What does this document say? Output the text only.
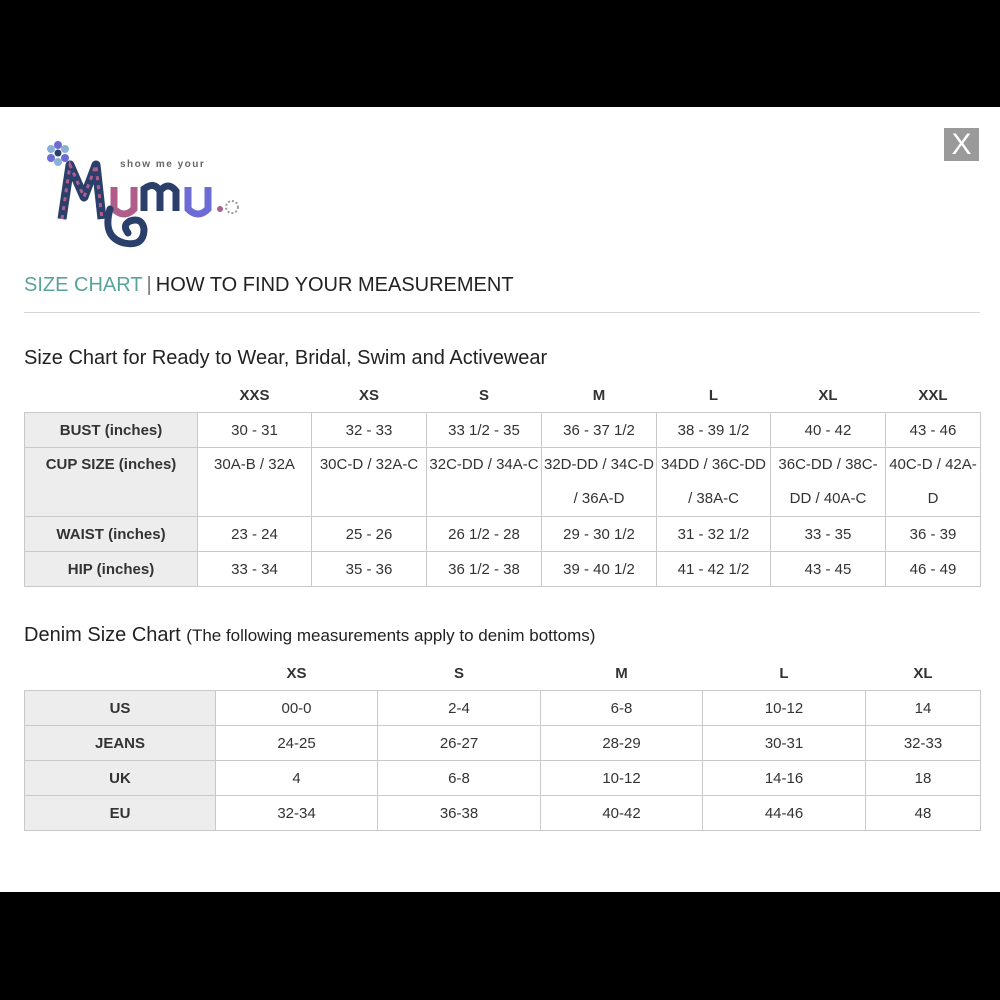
X
show me your
SIZE CHART | HOW TO FIND YOUR MEASUREMENT
Size Chart for Ready to Wear, Bridal, Swim and Activewear
	XXS	XS	S	M	L	XL	XXL
BUST (inches)	30 - 31	32 - 33	33 1/2 - 35	36 - 37 1/2	38 - 39 1/2	40 - 42	43 - 46
CUP SIZE (inches)	30A-B / 32A	30C-D / 32A-C	32C-DD / 34A-C	32D-DD / 34C-D / 36A-D	34DD / 36C-DD / 38A-C	36C-DD / 38C-DD / 40A-C	40C-D / 42A-D
WAIST (inches)	23 - 24	25 - 26	26 1/2 - 28	29 - 30 1/2	31 - 32 1/2	33 - 35	36 - 39
HIP (inches)	33 - 34	35 - 36	36 1/2 - 38	39 - 40 1/2	41 - 42 1/2	43 - 45	46 - 49
Denim Size Chart (The following measurements apply to denim bottoms)
	XS	S	M	L	XL
US	00-0	2-4	6-8	10-12	14
JEANS	24-25	26-27	28-29	30-31	32-33
UK	4	6-8	10-12	14-16	18
EU	32-34	36-38	40-42	44-46	48
